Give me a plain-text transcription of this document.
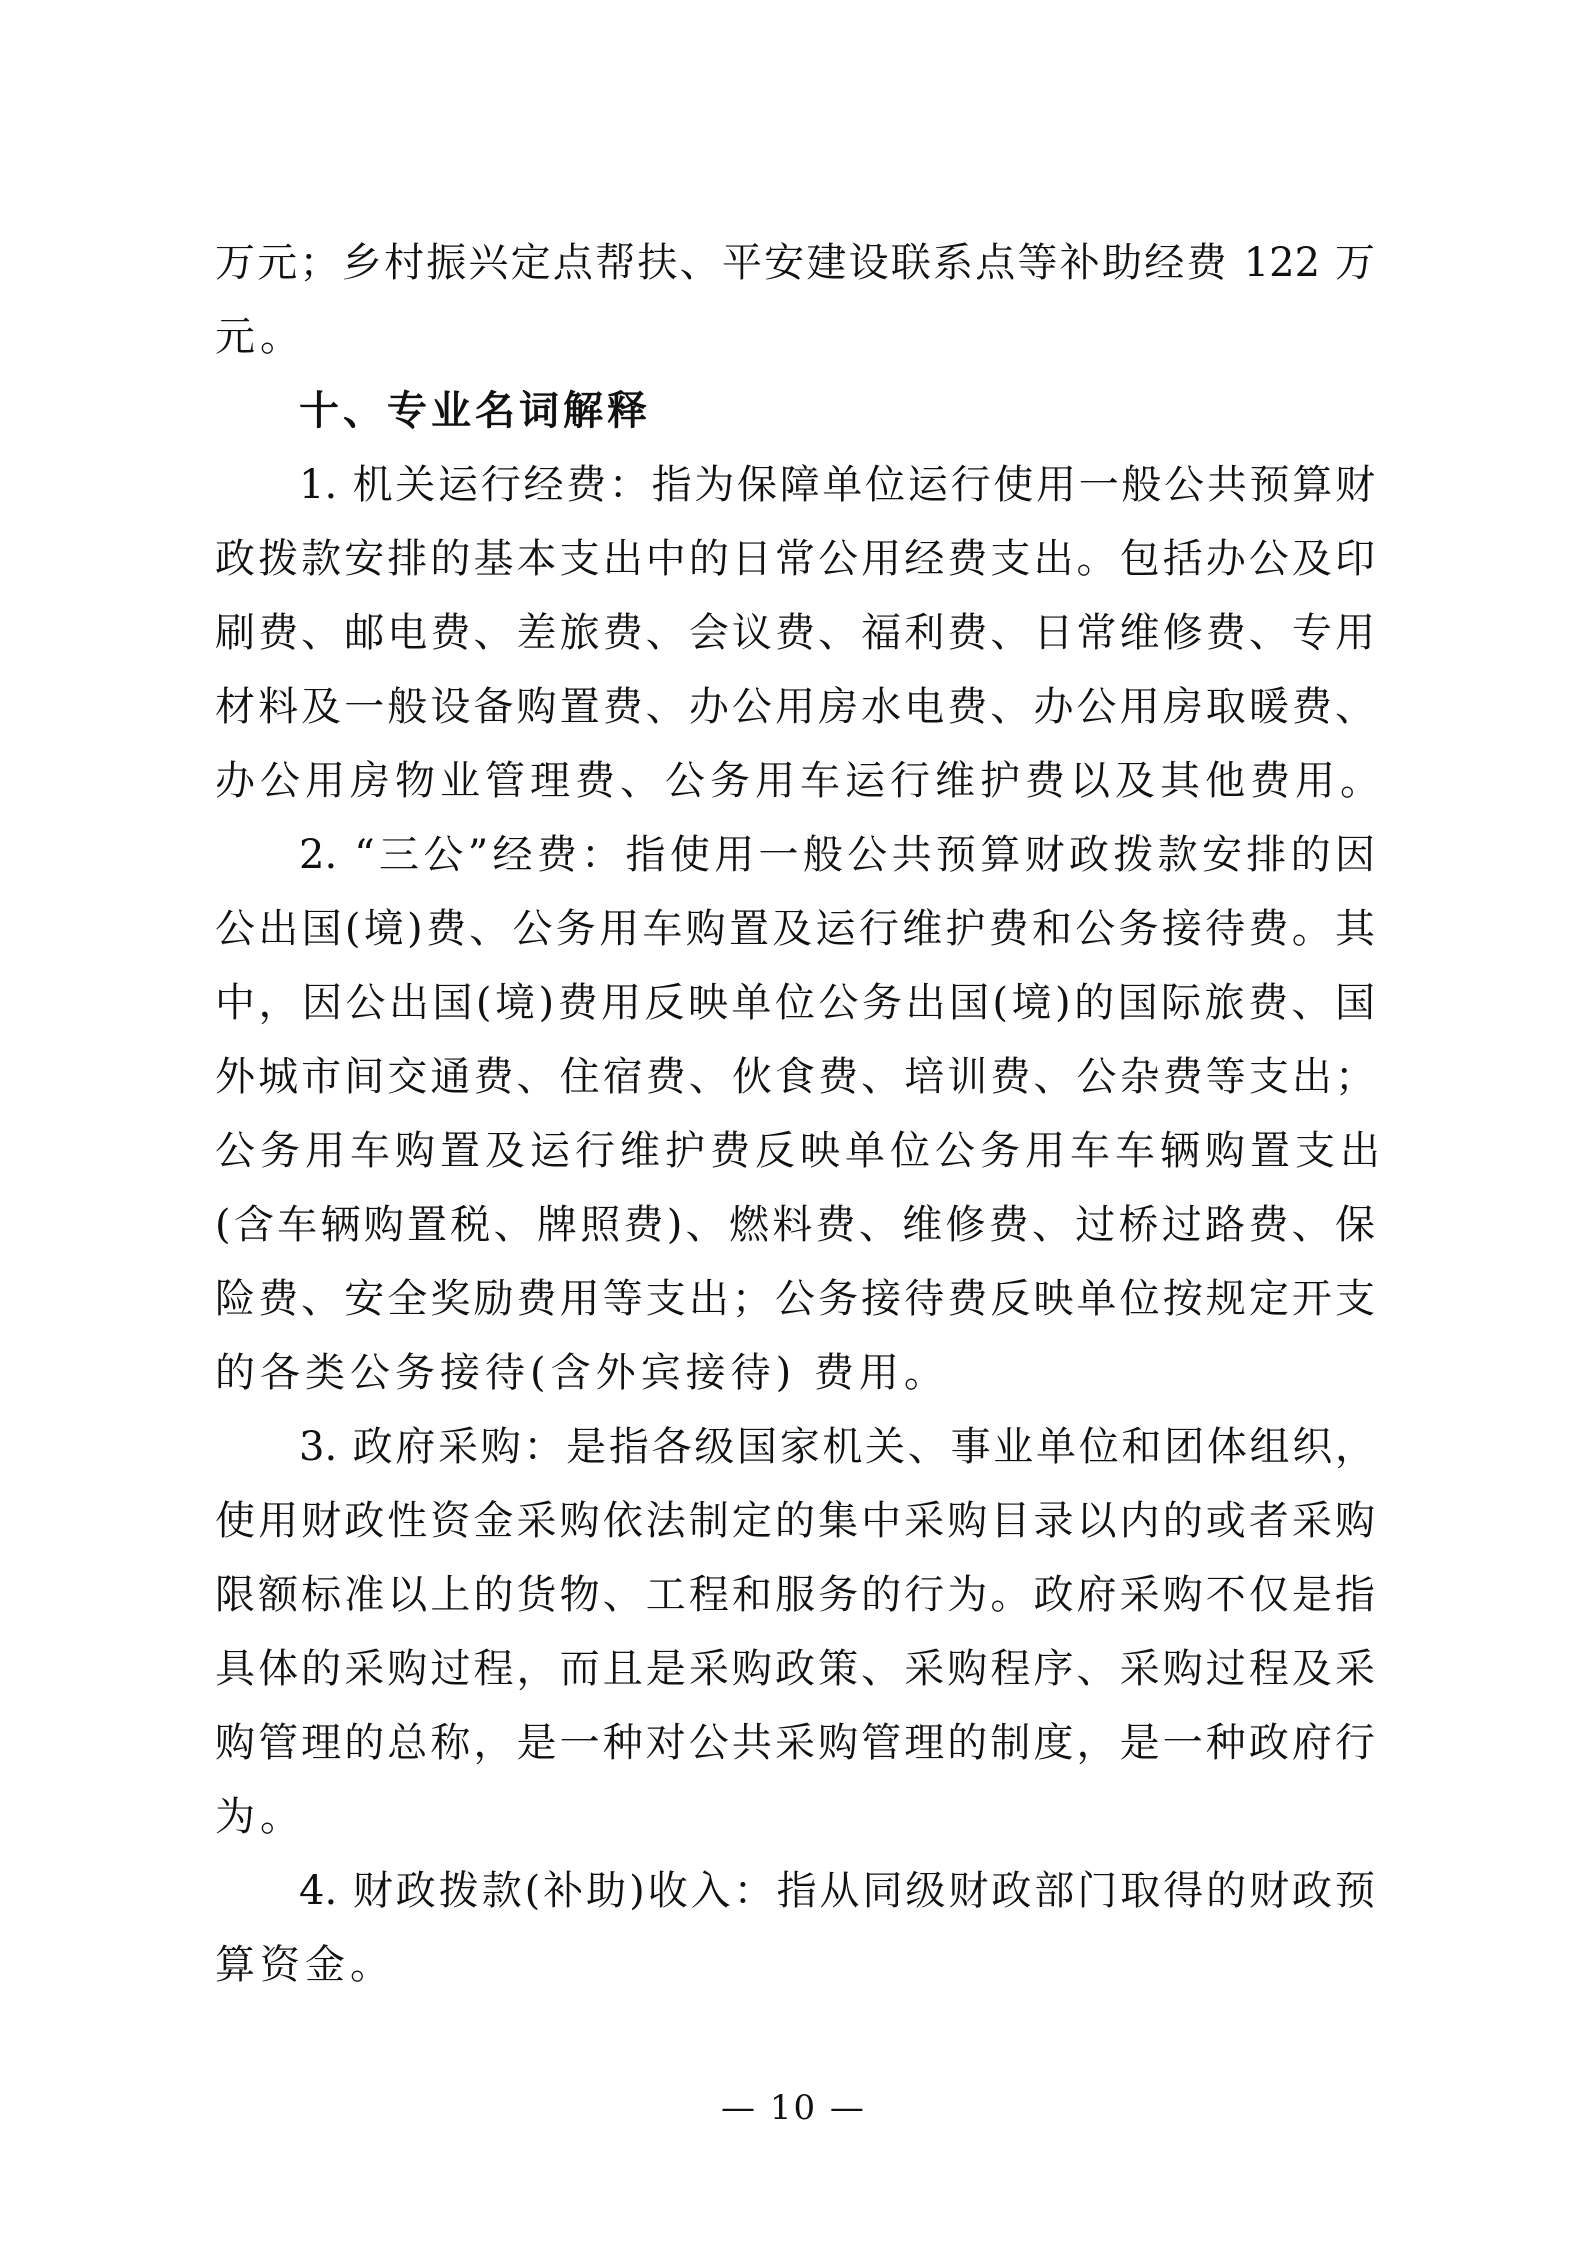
万元；乡村振兴定点帮扶、平安建设联系点等补助经费 122 万
元。
十、专业名词解释
1. 机关运行经费：指为保障单位运行使用一般公共预算财
政拨款安排的基本支出中的日常公用经费支出。包括办公及印
刷费、邮电费、差旅费、会议费、福利费、日常维修费、专用
材料及一般设备购置费、办公用房水电费、办公用房取暖费、
办公用房物业管理费、公务用车运行维护费以及其他费用。
2. “三公”经费：指使用一般公共预算财政拨款安排的因
公出国(境)费、公务用车购置及运行维护费和公务接待费。其
中，因公出国(境)费用反映单位公务出国(境)的国际旅费、国
外城市间交通费、住宿费、伙食费、培训费、公杂费等支出；
公务用车购置及运行维护费反映单位公务用车车辆购置支出
(含车辆购置税、牌照费)、燃料费、维修费、过桥过路费、保
险费、安全奖励费用等支出；公务接待费反映单位按规定开支
的各类公务接待(含外宾接待) 费用。
3. 政府采购：是指各级国家机关、事业单位和团体组织，
使用财政性资金采购依法制定的集中采购目录以内的或者采购
限额标准以上的货物、工程和服务的行为。政府采购不仅是指
具体的采购过程，而且是采购政策、采购程序、采购过程及采
购管理的总称，是一种对公共采购管理的制度，是一种政府行
为。
4. 财政拨款(补助)收入：指从同级财政部门取得的财政预
算资金。
— 10 —
